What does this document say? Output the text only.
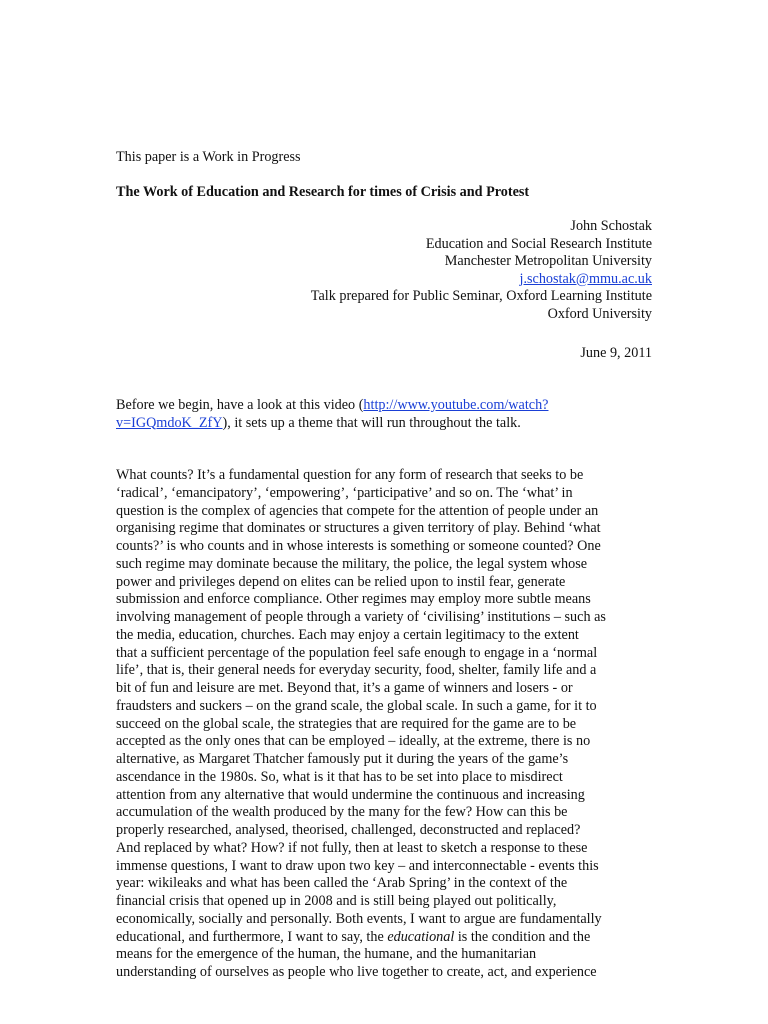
This paper is a Work in Progress
The Work of Education and Research for times of Crisis and Protest
John Schostak
Education and Social Research Institute
Manchester Metropolitan University
j.schostak@mmu.ac.uk
Talk prepared for Public Seminar, Oxford Learning Institute
Oxford University
June 9, 2011
Before we begin, have a look at this video (http://www.youtube.com/watch?
v=IGQmdoK_ZfY), it sets up a theme that will run throughout the talk.
What counts? It’s a fundamental question for any form of research that seeks to be
‘radical’, ‘emancipatory’, ‘empowering’, ‘participative’ and so on. The ‘what’ in
question is the complex of agencies that compete for the attention of people under an
organising regime that dominates or structures a given territory of play. Behind ‘what
counts?’ is who counts and in whose interests is something or someone counted? One
such regime may dominate because the military, the police, the legal system whose
power and privileges depend on elites can be relied upon to instil fear, generate
submission and enforce compliance. Other regimes may employ more subtle means
involving management of people through a variety of ‘civilising’ institutions – such as
the media, education, churches. Each may enjoy a certain legitimacy to the extent
that a sufficient percentage of the population feel safe enough to engage in a ‘normal
life’, that is, their general needs for everyday security, food, shelter, family life and a
bit of fun and leisure are met. Beyond that, it’s a game of winners and losers - or
fraudsters and suckers – on the grand scale, the global scale. In such a game, for it to
succeed on the global scale, the strategies that are required for the game are to be
accepted as the only ones that can be employed – ideally, at the extreme, there is no
alternative, as Margaret Thatcher famously put it during the years of the game’s
ascendance in the 1980s. So, what is it that has to be set into place to misdirect
attention from any alternative that would undermine the continuous and increasing
accumulation of the wealth produced by the many for the few? How can this be
properly researched, analysed, theorised, challenged, deconstructed and replaced?
And replaced by what? How? if not fully, then at least to sketch a response to these
immense questions, I want to draw upon two key – and interconnectable - events this
year: wikileaks and what has been called the ‘Arab Spring’ in the context of the
financial crisis that opened up in 2008 and is still being played out politically,
economically, socially and personally. Both events, I want to argue are fundamentally
educational, and furthermore, I want to say, the educational is the condition and the
means for the emergence of the human, the humane, and the humanitarian
understanding of ourselves as people who live together to create, act, and experience
